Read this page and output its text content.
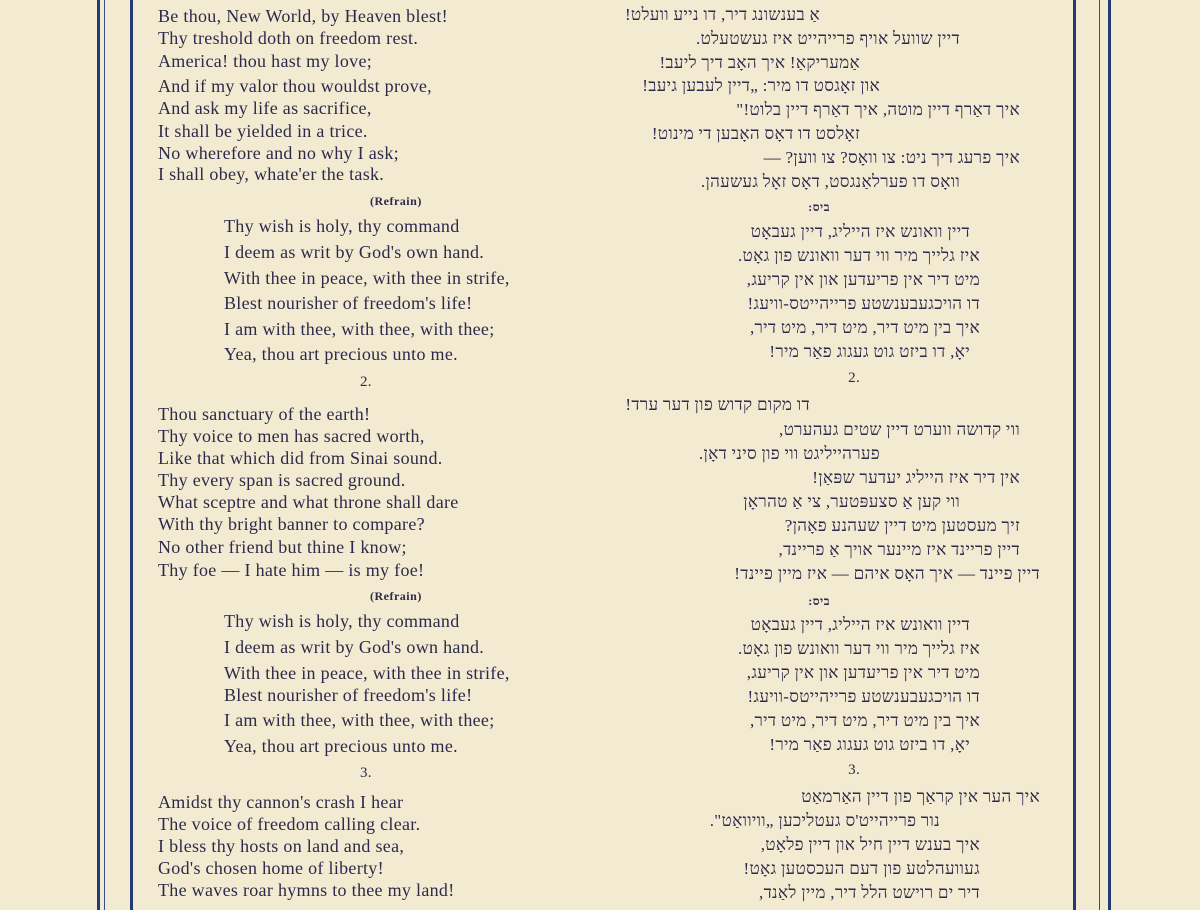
Be thou, New World, by Heaven blest!
Thy treshold doth on freedom rest.
America! thou hast my love;
And if my valor thou wouldst prove,
And ask my life as sacrifice,
It shall be yielded in a trice.
No wherefore and no why I ask;
I shall obey, whate'er the task.
(Refrain)
Thy wish is holy, thy command
I deem as writ by God's own hand.
With thee in peace, with thee in strife,
Blest nourisher of freedom's life!
I am with thee, with thee, with thee;
Yea, thou art precious unto me.
2.
Thou sanctuary of the earth!
Thy voice to men has sacred worth,
Like that which did from Sinai sound.
Thy every span is sacred ground.
What sceptre and what throne shall dare
With thy bright banner to compare?
No other friend but thine I know;
Thy foe — I hate him — is my foe!
(Refrain)
Thy wish is holy, thy command
I deem as writ by God's own hand.
With thee in peace, with thee in strife,
Blest nourisher of freedom's life!
I am with thee, with thee, with thee;
Yea, thou art precious unto me.
3.
Amidst thy cannon's crash I hear
The voice of freedom calling clear.
I bless thy hosts on land and sea,
God's chosen home of liberty!
The waves roar hymns to thee my land!
אַ בענשונג דיר, דו נייע וועלט!
דיין שוועל אויף פרייהייט איז געשטעלט.
אַמעריקאַ! איך האָב דיך ליעב!
און זאָגסט דו מיר: „דיין לעבען גיעב!
איך דאַרף דיין מוטה, איך דאַרף דיין בלוט!"
זאָלסט דו דאָס האָבען די מינוט!
איך פרעג דיך ניט: צו וואָס? צו ווען? —
וואָס דו פערלאַנגסט, דאָס זאָל געשעהן.
ביס:
דיין וואונש איז הייליג, דיין געבאָט
איז גלייך מיר ווי דער וואונש פון גאָט.
מיט דיר אין פריעדען און אין קריעג,
דו הויכגעבענשטע פרייהייטס-וויעג!
איך בין מיט דיר, מיט דיר, מיט דיר,
יאָ, דו ביזט גוט געגוג פאַר מיר!
.2
דו מקום קדוש פון דער ערד!
ווי קדושה ווערט דיין שטים געהערט,
פערהייליגט ווי פון סיני דאָן.
אין דיר איז הייליג יעדער שפּאַן!
ווי קען אַ סצעפּטער, צי אַ טהראָן
זיך מעסטען מיט דיין שעהנע פאָהן?
דיין פריינד איז מיינער אויך אַ פריינד,
דיין פיינד — איך האָס איהם — איז מיין פיינד!
ביס:
דיין וואונש איז הייליג, דיין געבאָט
איז גלייך מיר ווי דער וואונש פון גאָט.
מיט דיר אין פריעדען און אין קריעג,
דו הויכגעבענשטע פרייהייטס-וויעג!
איך בין מיט דיר, מיט דיר, מיט דיר,
יאָ, דו ביזט גוט געגוג פאַר מיר!
.3
איך הער אין קראַך פון דיין האַרמאַט
נור פרייהייט'ס געטליכען „וויוואַט".
איך בענש דיין חיל און דיין פלאָט,
געוועהלטע פון דעם העכסטען גאָט!
דיר ים רוישט הלל דיר, מיין לאַנד,
